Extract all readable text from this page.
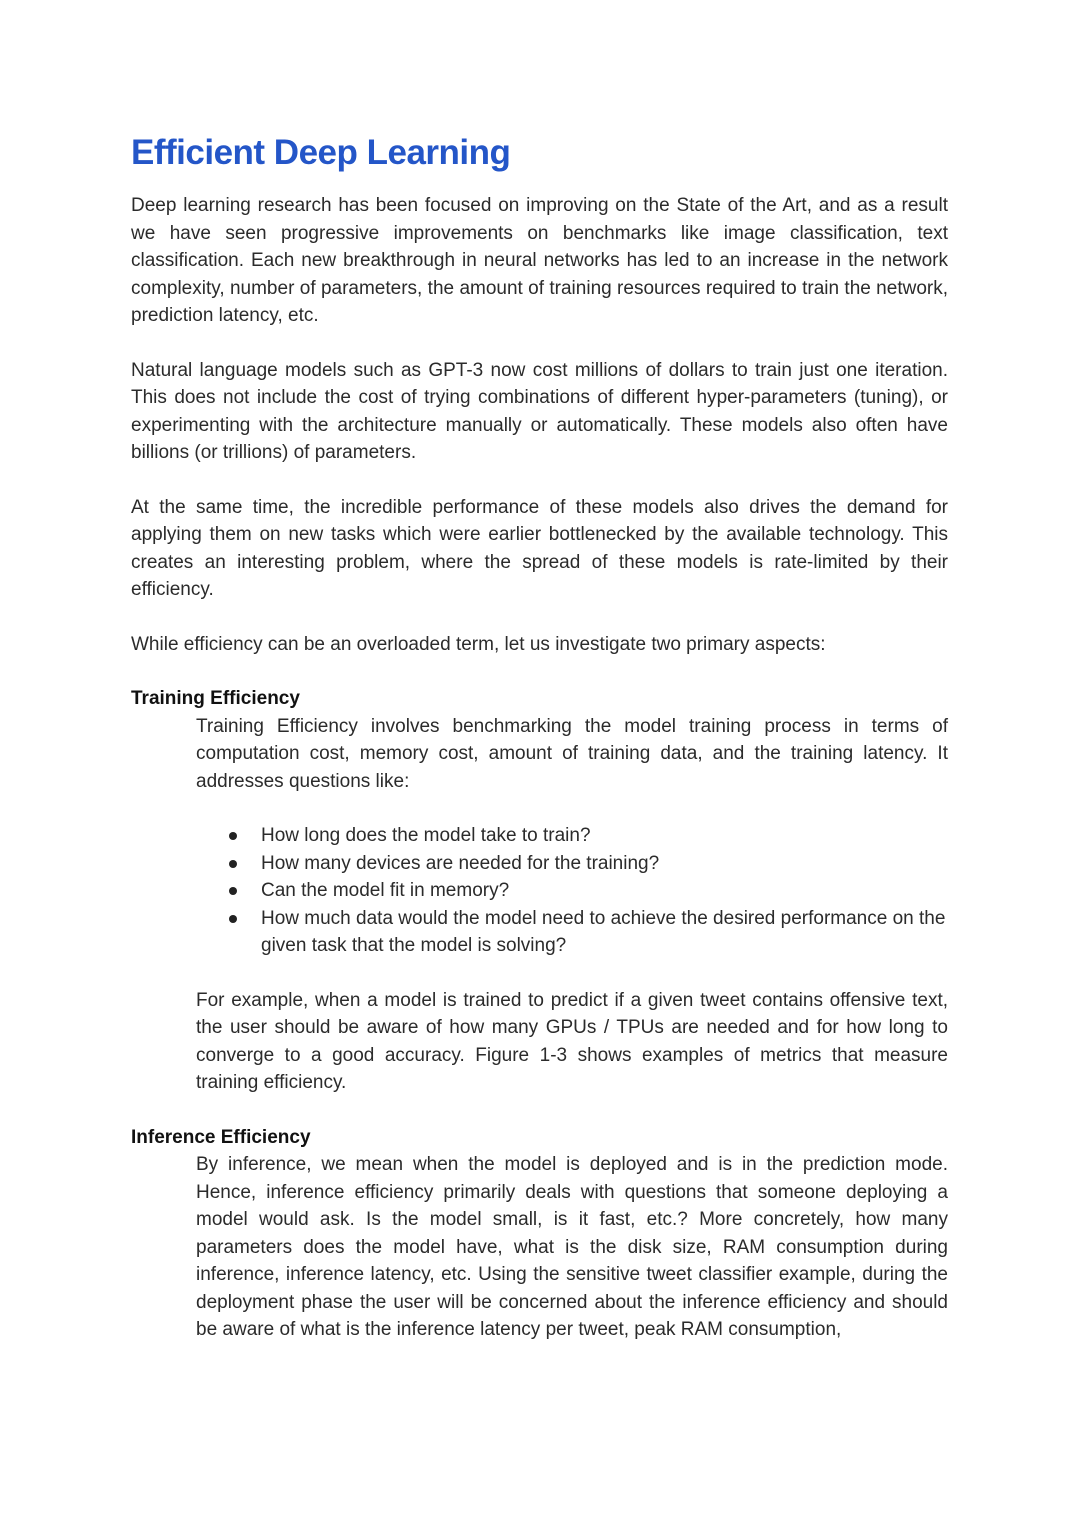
Efficient Deep Learning

Deep learning research has been focused on improving on the State of the Art, and as a result we have seen progressive improvements on benchmarks like image classification, text classification. Each new breakthrough in neural networks has led to an increase in the network complexity, number of parameters, the amount of training resources required to train the network, prediction latency, etc.

Natural language models such as GPT-3 now cost millions of dollars to train just one iteration. This does not include the cost of trying combinations of different hyper-parameters (tuning), or experimenting with the architecture manually or automatically. These models also often have billions (or trillions) of parameters.

At the same time, the incredible performance of these models also drives the demand for applying them on new tasks which were earlier bottlenecked by the available technology. This creates an interesting problem, where the spread of these models is rate-limited by their efficiency.

While efficiency can be an overloaded term, let us investigate two primary aspects:

Training Efficiency

Training Efficiency involves benchmarking the model training process in terms of computation cost, memory cost, amount of training data, and the training latency. It addresses questions like:

How long does the model take to train?
How many devices are needed for the training?
Can the model fit in memory?
How much data would the model need to achieve the desired performance on the given task that the model is solving?

For example, when a model is trained to predict if a given tweet contains offensive text, the user should be aware of how many GPUs / TPUs are needed and for how long to converge to a good accuracy. Figure 1-3 shows examples of metrics that measure training efficiency.

Inference Efficiency

By inference, we mean when the model is deployed and is in the prediction mode. Hence, inference efficiency primarily deals with questions that someone deploying a model would ask. Is the model small, is it fast, etc.? More concretely, how many parameters does the model have, what is the disk size, RAM consumption during inference, inference latency, etc. Using the sensitive tweet classifier example, during the deployment phase the user will be concerned about the inference efficiency and should be aware of what is the inference latency per tweet, peak RAM consumption,
